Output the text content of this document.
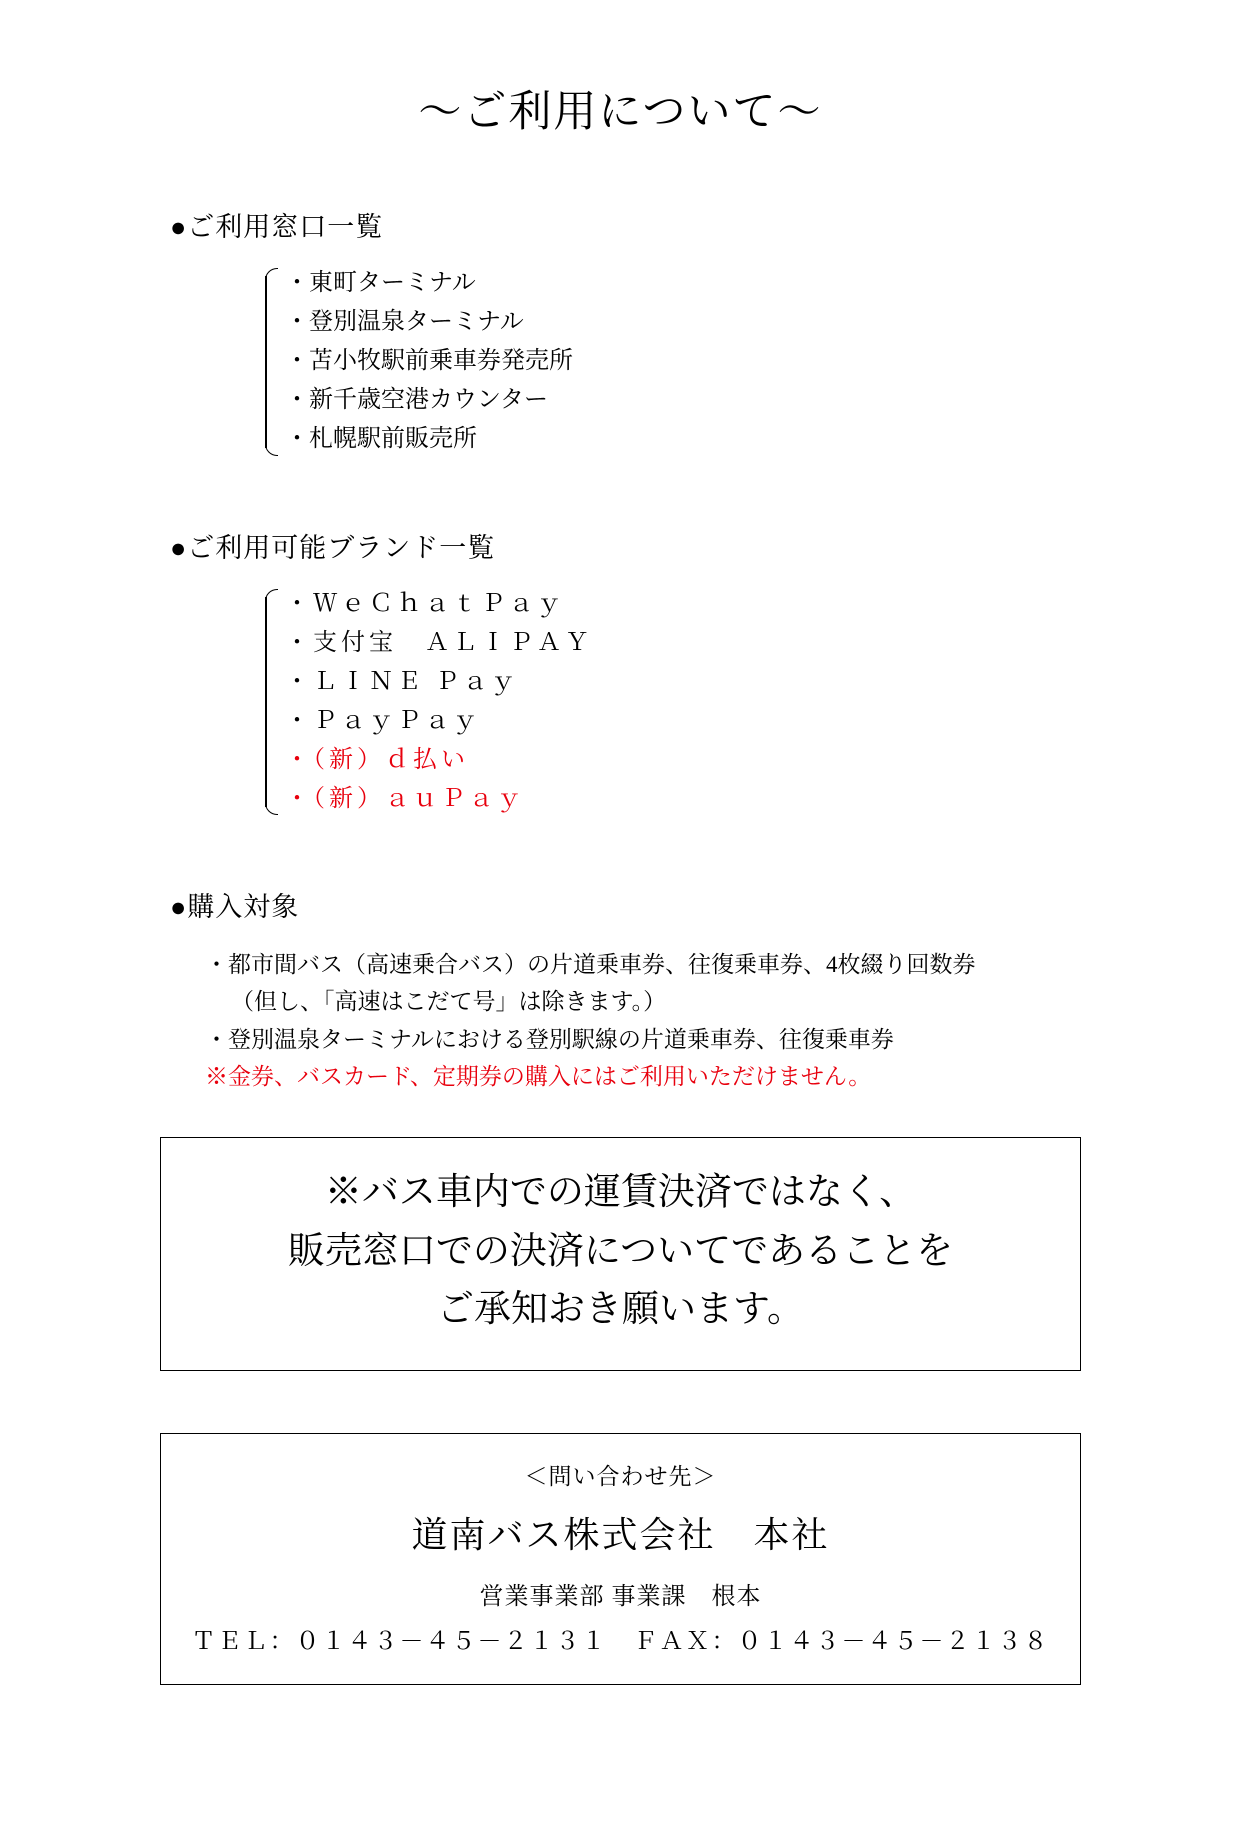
～ご利用について～
●ご利用窓口一覧
・東町ターミナル
・登別温泉ターミナル
・苫小牧駅前乗車券発売所
・新千歳空港カウンター
・札幌駅前販売所
●ご利用可能ブランド一覧
・ＷｅＣｈａｔＰａｙ
・支付宝　ＡＬＩＰＡＹ
・ＬＩＮＥ Ｐａｙ
・ＰａｙＰａｙ
・（新）ｄ払い
・（新）ａｕＰａｙ
●購入対象
・都市間バス（高速乗合バス）の片道乗車券、往復乗車券、4枚綴り回数券
（但し、「高速はこだて号」は除きます。）
・登別温泉ターミナルにおける登別駅線の片道乗車券、往復乗車券
※金券、バスカード、定期券の購入にはご利用いただけません。
※バス車内での運賃決済ではなく、
販売窓口での決済についてであることを
ご承知おき願います。
＜問い合わせ先＞
道南バス株式会社　本社
営業事業部 事業課　根本
ＴＥＬ：０１４３－４５－２１３１　ＦＡＸ：０１４３－４５－２１３８
